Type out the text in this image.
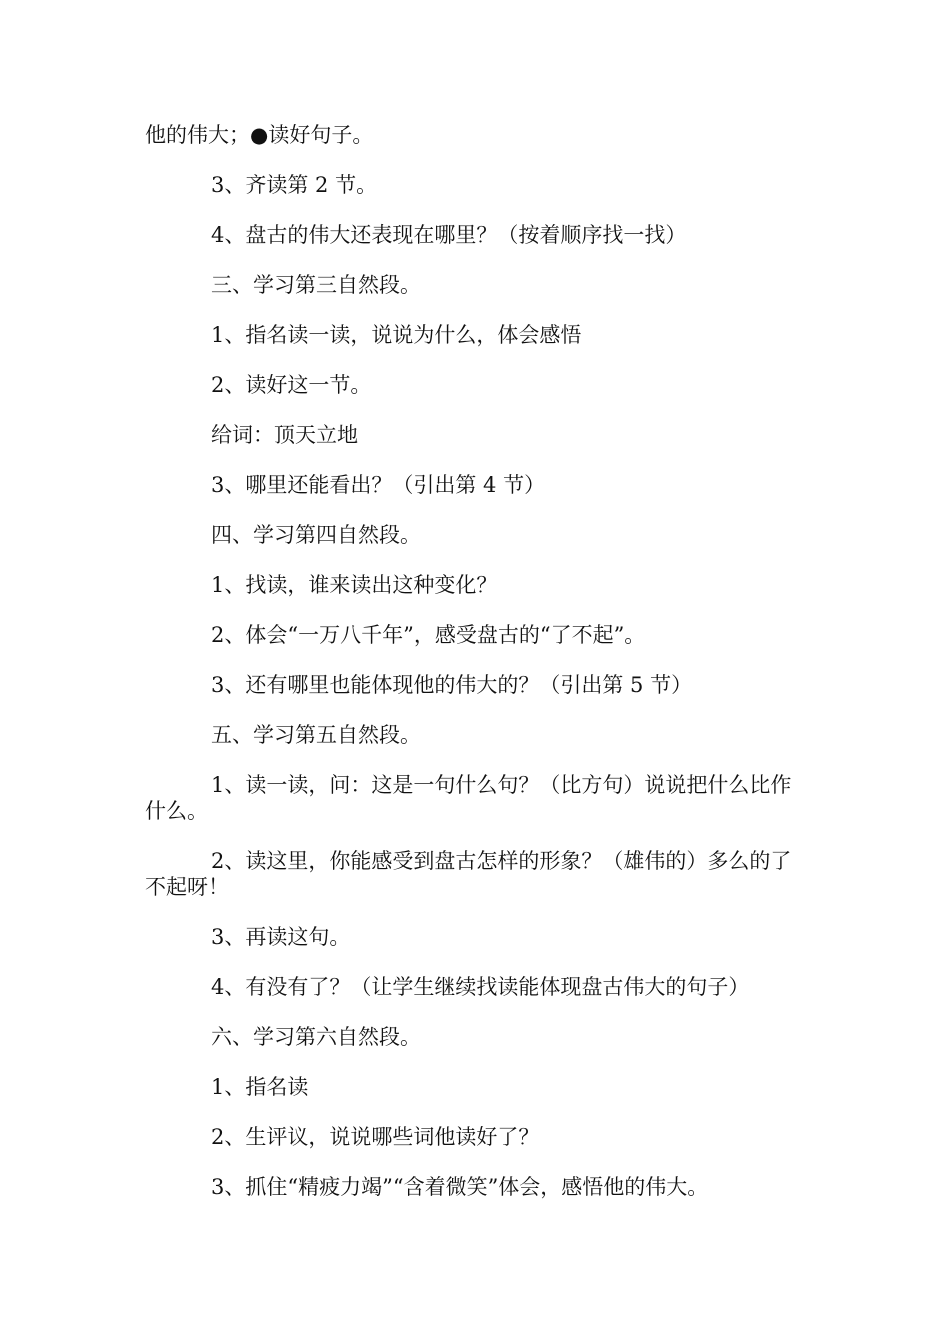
他的伟大；●读好句子。

3、齐读第 2 节。

4、盘古的伟大还表现在哪里？（按着顺序找一找）

三、学习第三自然段。

1、指名读一读，说说为什么，体会感悟

2、读好这一节。

给词：顶天立地

3、哪里还能看出？（引出第 4 节）

四、学习第四自然段。

1、找读，谁来读出这种变化？

2、体会“一万八千年”，感受盘古的“了不起”。

3、还有哪里也能体现他的伟大的？（引出第 5 节）

五、学习第五自然段。

1、读一读，问：这是一句什么句？（比方句）说说把什么比作什么。

2、读这里，你能感受到盘古怎样的形象？（雄伟的）多么的了不起呀！

3、再读这句。

4、有没有了？（让学生继续找读能体现盘古伟大的句子）

六、学习第六自然段。

1、指名读

2、生评议，说说哪些词他读好了？

3、抓住“精疲力竭”“含着微笑”体会，感悟他的伟大。
